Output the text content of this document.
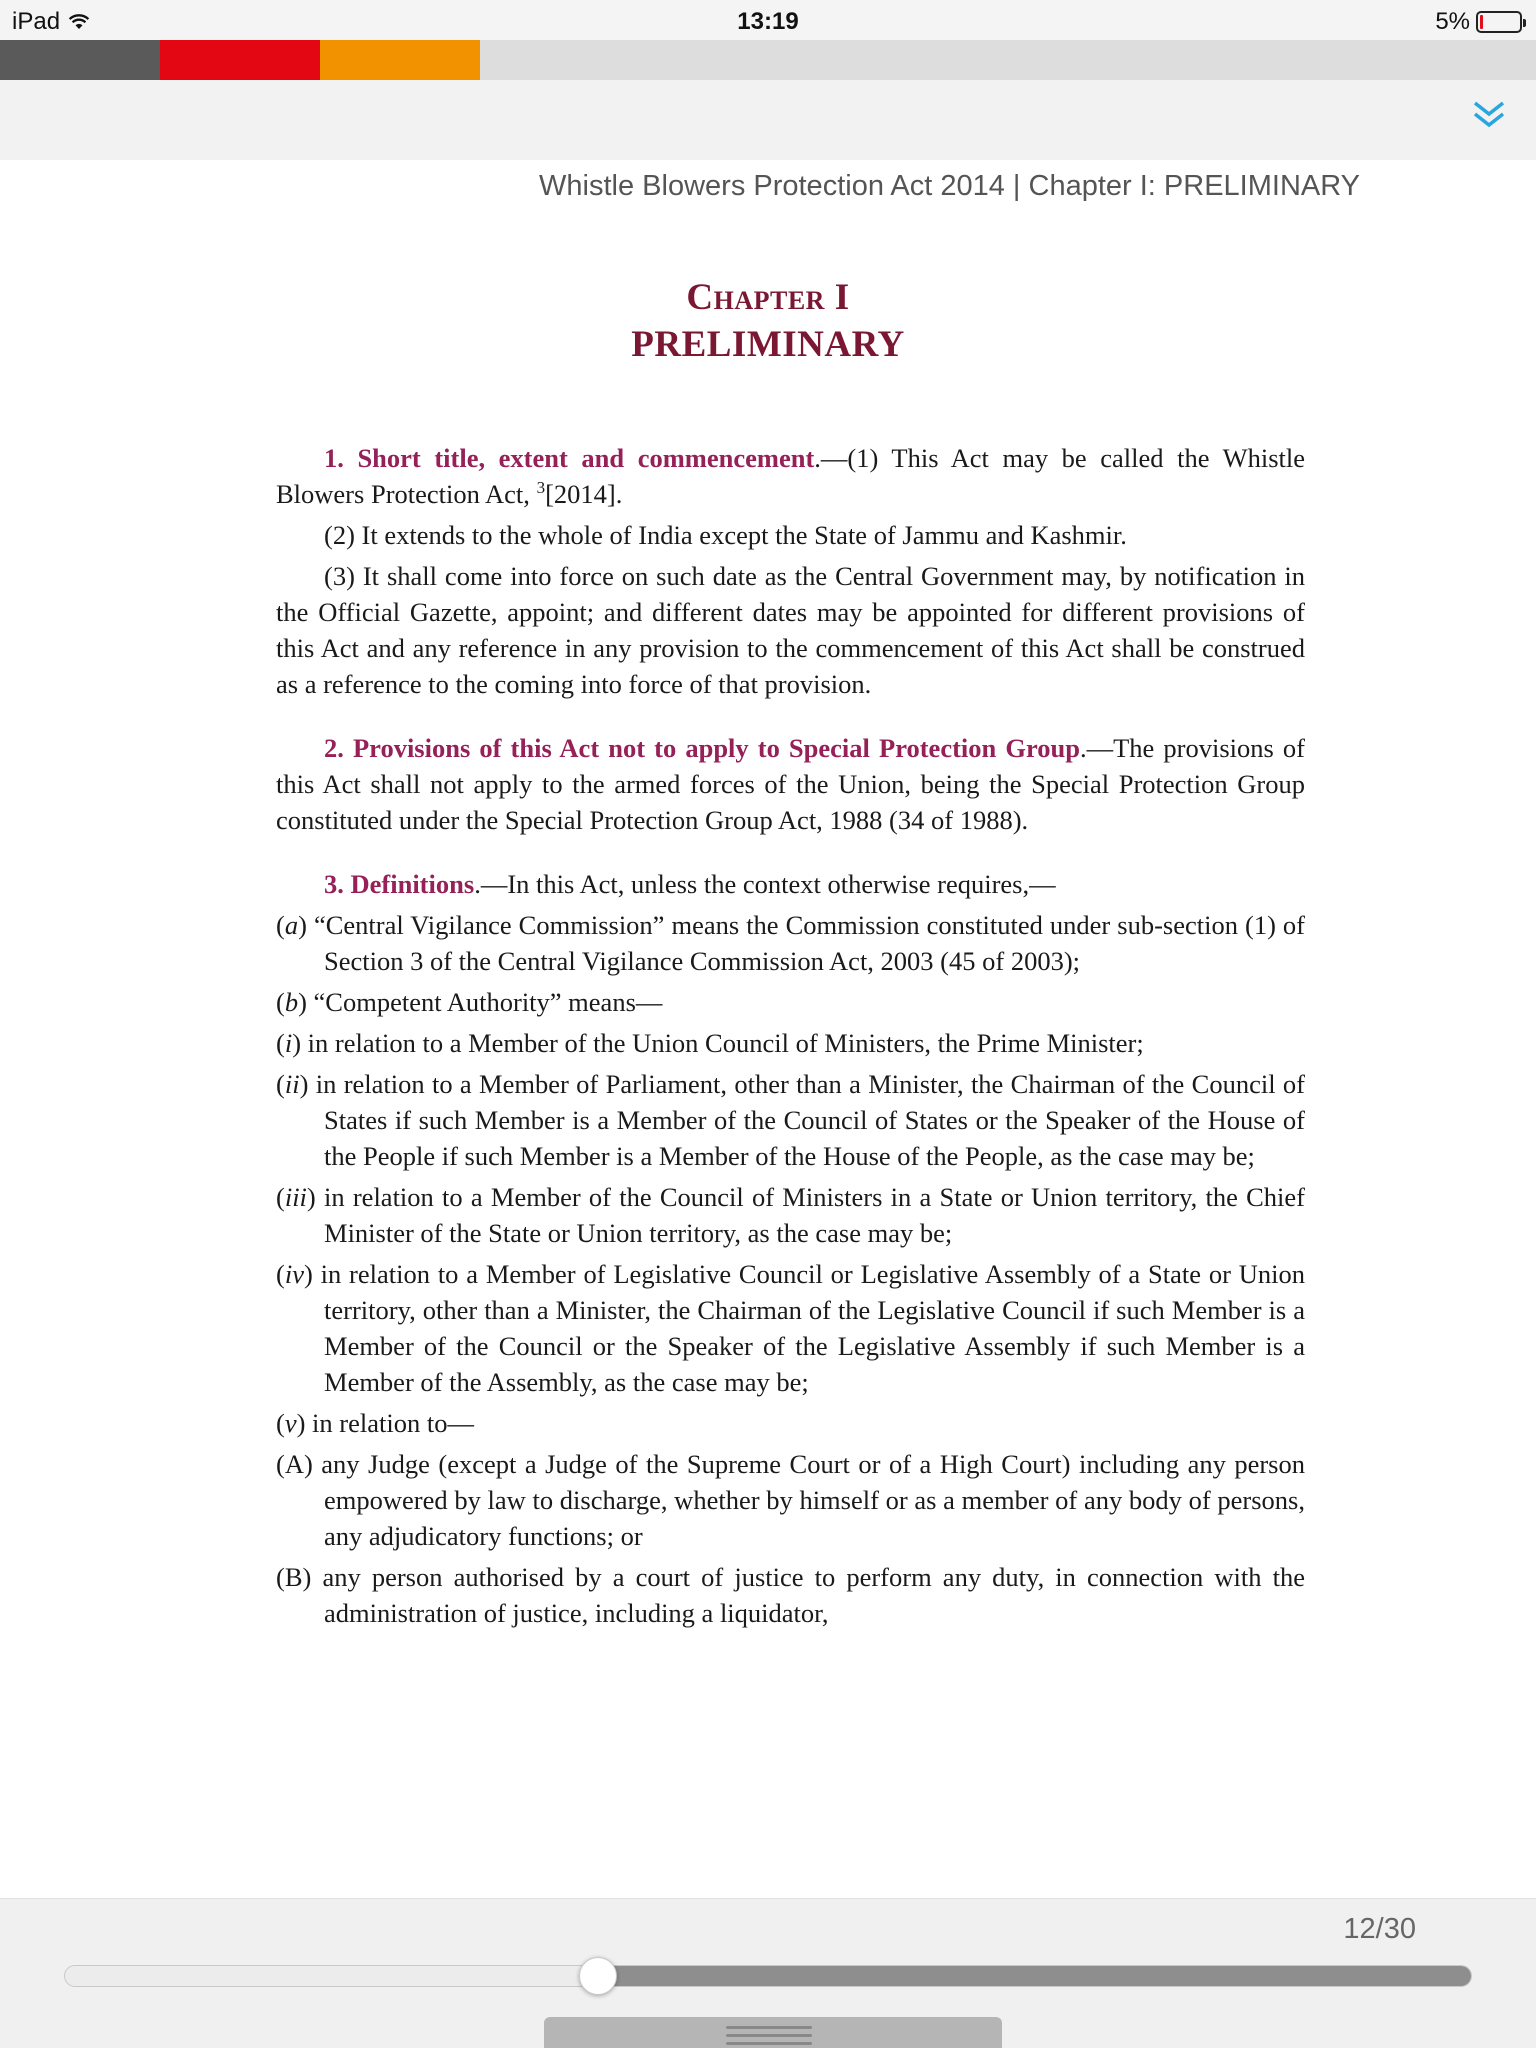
iPad	13:19	5%
Whistle Blowers Protection Act 2014 | Chapter I: PRELIMINARY
Chapter I
PRELIMINARY

1. Short title, extent and commencement.—(1) This Act may be called the Whistle Blowers Protection Act, $^3$[2014].

(2) It extends to the whole of India except the State of Jammu and Kashmir.

(3) It shall come into force on such date as the Central Government may, by notification in the Official Gazette, appoint; and different dates may be appointed for different provisions of this Act and any reference in any provision to the commencement of this Act shall be construed as a reference to the coming into force of that provision.

2. Provisions of this Act not to apply to Special Protection Group.—The provisions of this Act shall not apply to the armed forces of the Union, being the Special Protection Group constituted under the Special Protection Group Act, 1988 (34 of 1988).

3. Definitions.—In this Act, unless the context otherwise requires,—

(a) “Central Vigilance Commission” means the Commission constituted under sub-section (1) of Section 3 of the Central Vigilance Commission Act, 2003 (45 of 2003);

(b) “Competent Authority” means—

(i) in relation to a Member of the Union Council of Ministers, the Prime Minister;

(ii) in relation to a Member of Parliament, other than a Minister, the Chairman of the Council of States if such Member is a Member of the Council of States or the Speaker of the House of the People if such Member is a Member of the House of the People, as the case may be;

(iii) in relation to a Member of the Council of Ministers in a State or Union territory, the Chief Minister of the State or Union territory, as the case may be;

(iv) in relation to a Member of Legislative Council or Legislative Assembly of a State or Union territory, other than a Minister, the Chairman of the Legislative Council if such Member is a Member of the Council or the Speaker of the Legislative Assembly if such Member is a Member of the Assembly, as the case may be;

(v) in relation to—

(A) any Judge (except a Judge of the Supreme Court or of a High Court) including any person empowered by law to discharge, whether by himself or as a member of any body of persons, any adjudicatory functions; or

(B) any person authorised by a court of justice to perform any duty, in connection with the administration of justice, including a liquidator,

12/30
